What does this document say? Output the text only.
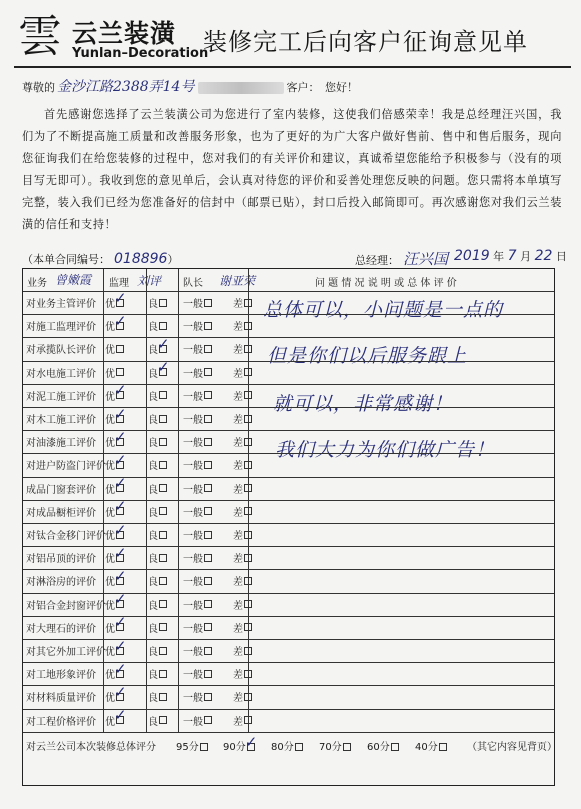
雲 云兰装潢
Yunlan–Decoration
装修完工后向客户征询意见单
尊敬的 金沙江路2388弄14号	客户：　您好！
首先感谢您选择了云兰装潢公司为您进行了室内装修，这使我们倍感荣幸！我是总经理汪兴国，我们为了不断提高施工质量和改善服务形象，也为了更好的为广大客户做好售前、售中和售后服务，现向您征询我们在给您装修的过程中，您对我们的有关评价和建议，真诚希望您能给予积极参与（没有的项目写无即可）。我收到您的意见单后，会认真对待您的评价和妥善处理您反映的问题。您只需将本单填写完整，装入我们已经为您准备好的信封中（邮票已贴），封口后投入邮筒即可。再次感谢您对我们云兰装潢的信任和支持！
（本单合同编号： 018896）	总经理： 汪兴国 2019 年 7 月 22 日
业务 曾嫩霞 监理 刘评 队长 谢亚荣	问 题 情 况 说 明 或 总 体 评 价
对业务主管评价 优 ✓ 良	一般	差
对施工监理评价 优 ✓ 良	一般	差
对承揽队长评价 优	良 ✓ 一般	差
对水电施工评价 优	良 ✓ 一般	差
对泥工施工评价 优 ✓ 良	一般	差
对木工施工评价 优 ✓ 良	一般	差
对油漆施工评价 优 ✓ 良	一般	差
对进户防盗门评价 优 ✓ 良	一般	差
成品门窗套评价 优 ✓ 良	一般	差
对成品橱柜评价 优 ✓ 良	一般	差
对钛合金移门评价 优 ✓ 良	一般	差
对铝吊顶的评价 优 ✓ 良	一般	差
对淋浴房的评价 优 ✓ 良	一般	差
对铝合金封窗评价 优 ✓ 良	一般	差
对大理石的评价 优 ✓ 良	一般	差
对其它外加工评价 优 ✓ 良	一般	差
对工地形象评价 优 ✓ 良	一般	差
对材料质量评价 优 ✓ 良	一般	差
对工程价格评价 优 ✓ 良	一般	差
总体可以，小问题是一点的
但是你们以后服务跟上
就可以，非常感谢！
我们大力为你们做广告！
对云兰公司本次装修总体评分 95分	90分 ✓ 80分	70分	60分	40分	（其它内容见背页）
